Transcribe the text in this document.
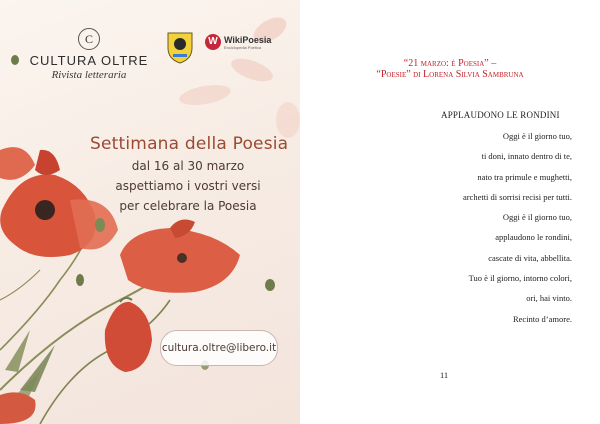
C
CULTURA OLTRE
Rivista letteraria
W WikiPoesia
Enciclopedia Poetica
Settimana della Poesia
dal 16 al 30 marzo
aspettiamo i vostri versi
per celebrare la Poesia
cultura.oltre@libero.it
“21 marzo: è Poesia” –
“Poesie” di Lorena Silvia Sambruna
APPLAUDONO LE RONDINI
Oggi è il giorno tuo,
ti doni, innato dentro di te,
nato tra primule e mughetti,
archetti di sorrisi recisi per tutti.
Oggi è il giorno tuo,
applaudono le rondini,
cascate di vita, abbellita.
Tuo è il giorno, intorno colori,
ori, hai vinto.
Recinto d’amore.
11
